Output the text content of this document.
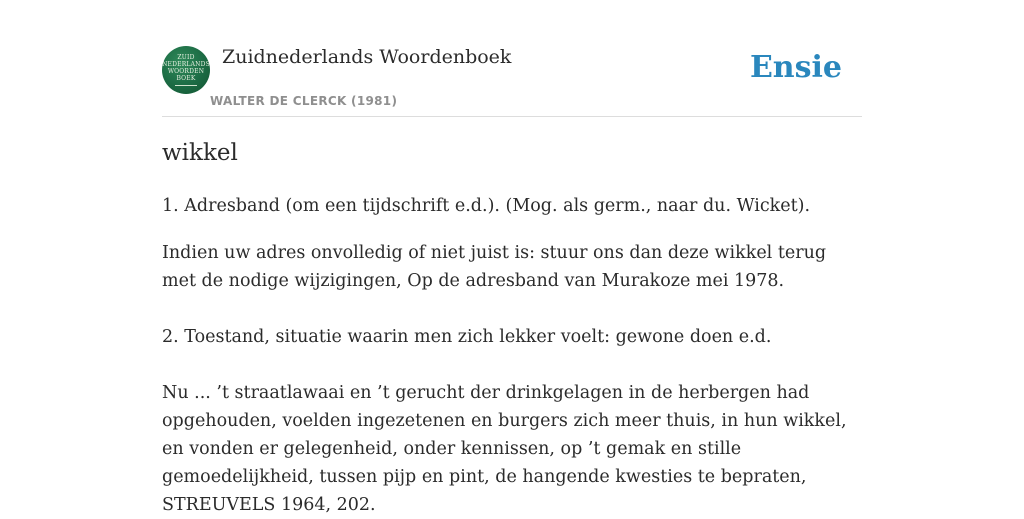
ZUID
NEDERLANDS
WOORDEN
BOEK
Zuidnederlands Woordenboek
WALTER DE CLERCK (1981)
Ensie
wikkel

1. Adresband (om een tijdschrift e.d.). (Mog. als germ., naar du. Wicket).

Indien uw adres onvolledig of niet juist is: stuur ons dan deze wikkel terug met de nodige wijzigingen, Op de adresband van Murakoze mei 1978.

2. Toestand, situatie waarin men zich lekker voelt: gewone doen e.d.

Nu ... ’t straatlawaai en ’t gerucht der drinkgelagen in de herbergen had opgehouden, voelden ingezetenen en burgers zich meer thuis, in hun wikkel, en vonden er gelegenheid, onder kennissen, op ’t gemak en stille gemoedelijkheid, tussen pijp en pint, de hangende kwesties te bepraten, STREUVELS 1964, 202.
